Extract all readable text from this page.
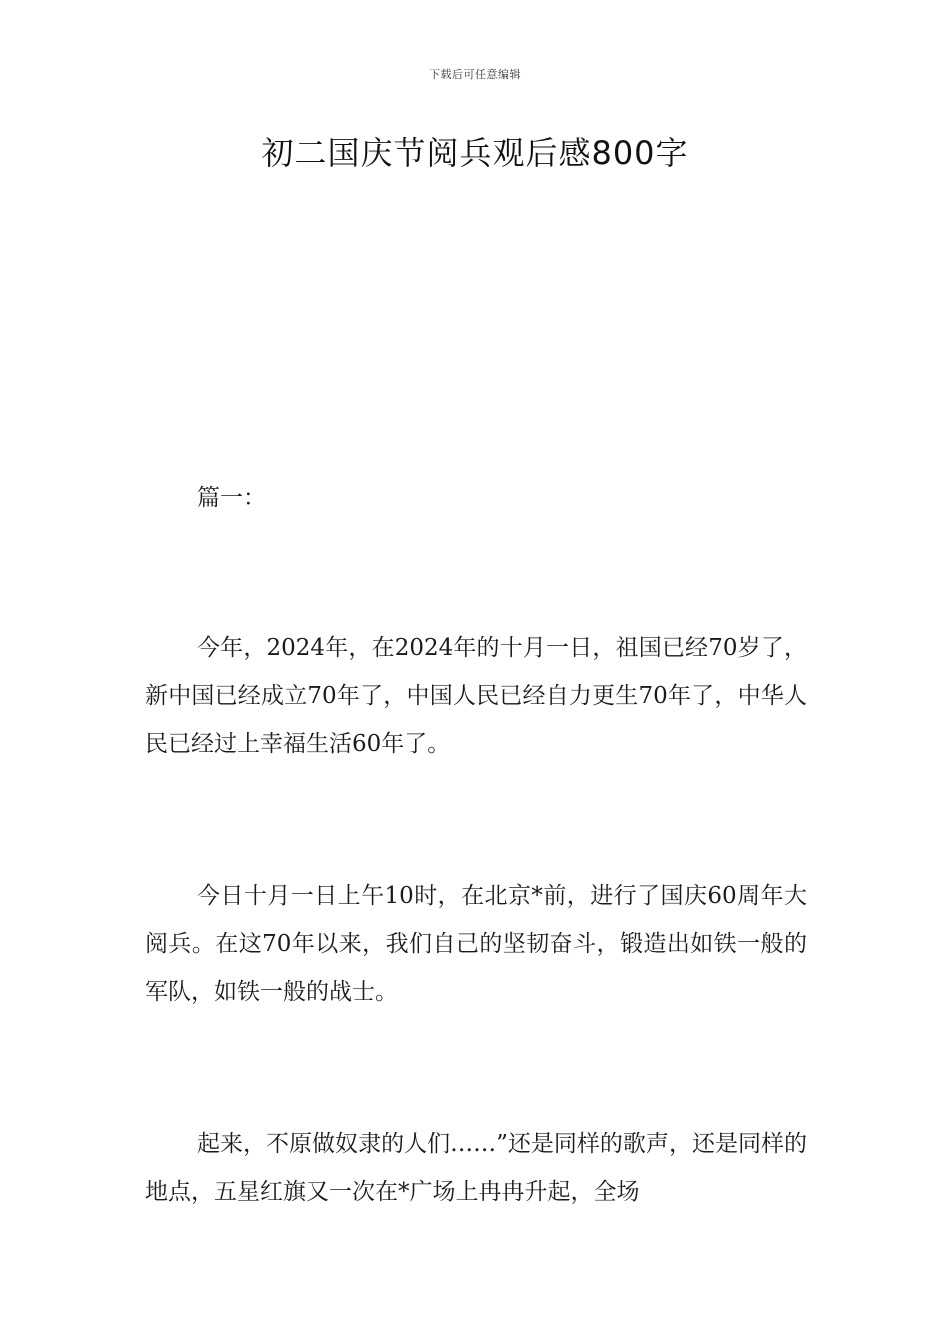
下载后可任意编辑
初二国庆节阅兵观后感800字

篇一：

今年，2024年，在2024年的十月一日，祖国已经70岁了，新中国已经成立70年了，中国人民已经自力更生70年了，中华人民已经过上幸福生活60年了。

今日十月一日上午10时，在北京*前，进行了国庆60周年大阅兵。在这70年以来，我们自己的坚韧奋斗，锻造出如铁一般的军队，如铁一般的战士。

起来，不原做奴隶的人们……”还是同样的歌声，还是同样的地点，五星红旗又一次在*广场上冉冉升起，全场
